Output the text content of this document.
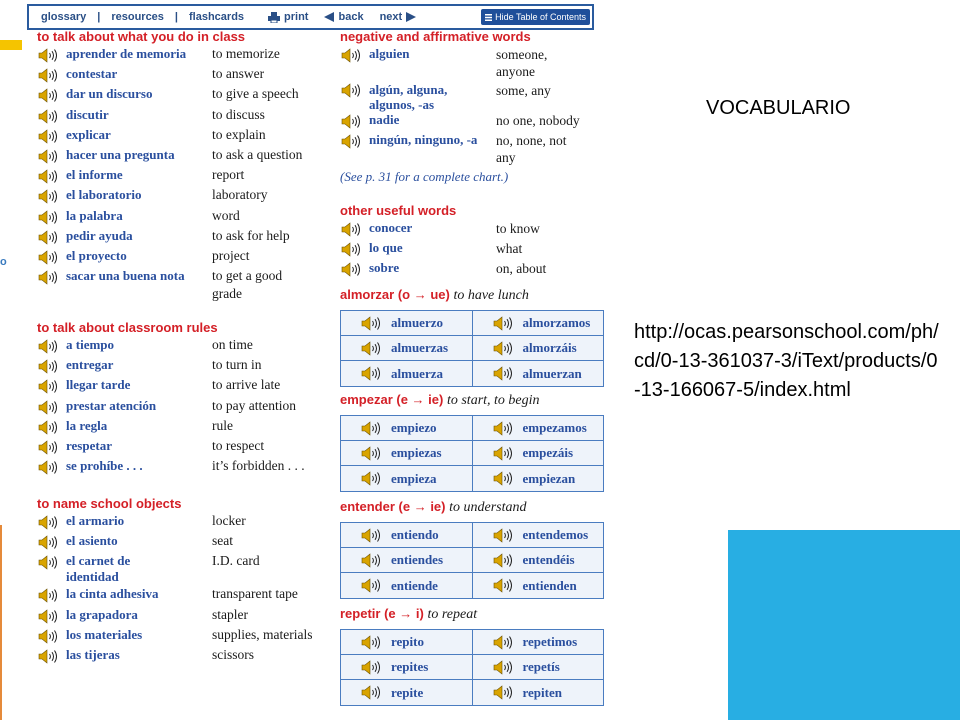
o
glossary	|	resources	|	flashcards	print	back next	Hide Table of Contents
to talk about what you do in class
aprender de memoria to memorize
contestar	to answer
dar un discurso	to give a speech
discutir	to discuss
explicar	to explain
hacer una pregunta	to ask a question
el informe	report
el laboratorio	laboratory
la palabra	word
pedir ayuda	to ask for help
el proyecto	project
sacar una buena nota to get a good
grade
to talk about classroom rules
a tiempo	on time
entregar	to turn in
llegar tarde	to arrive late
prestar atención	to pay attention
la regla	rule
respetar	to respect
se prohíbe . . .	it’s forbidden . . .
to name school objects
el armario	locker
el asiento	seat
el carnet de
identidad
I.D. card
la cinta adhesiva	transparent tape
la grapadora	stapler
los materiales	supplies, materials
las tijeras	scissors
negative and affirmative words
alguien	someone,
anyone
algún, alguna,
algunos, -as
some, any
nadie	no one, nobody
ningún, ninguno, -a no, none, not
any
(See p. 31 for a complete chart.)
other useful words
conocer	to know
lo que	what
sobre	on, about
almorzar (o → ue) to have lunch
almuerzo	almorzamos
almuerzas	almorzáis
almuerza	almuerzan
empezar (e → ie) to start, to begin
empiezo	empezamos
empiezas	empezáis
empieza	empiezan
entender (e → ie) to understand
entiendo	entendemos
entiendes	entendéis
entiende	entienden
repetir (e → i) to repeat
repito	repetimos
repites	repetís
repite	repiten
VOCABULARIO
http://ocas.pearsonschool.com/ph/cd/0-13-361037-3/iText/products/0-13-166067-5/index.html
